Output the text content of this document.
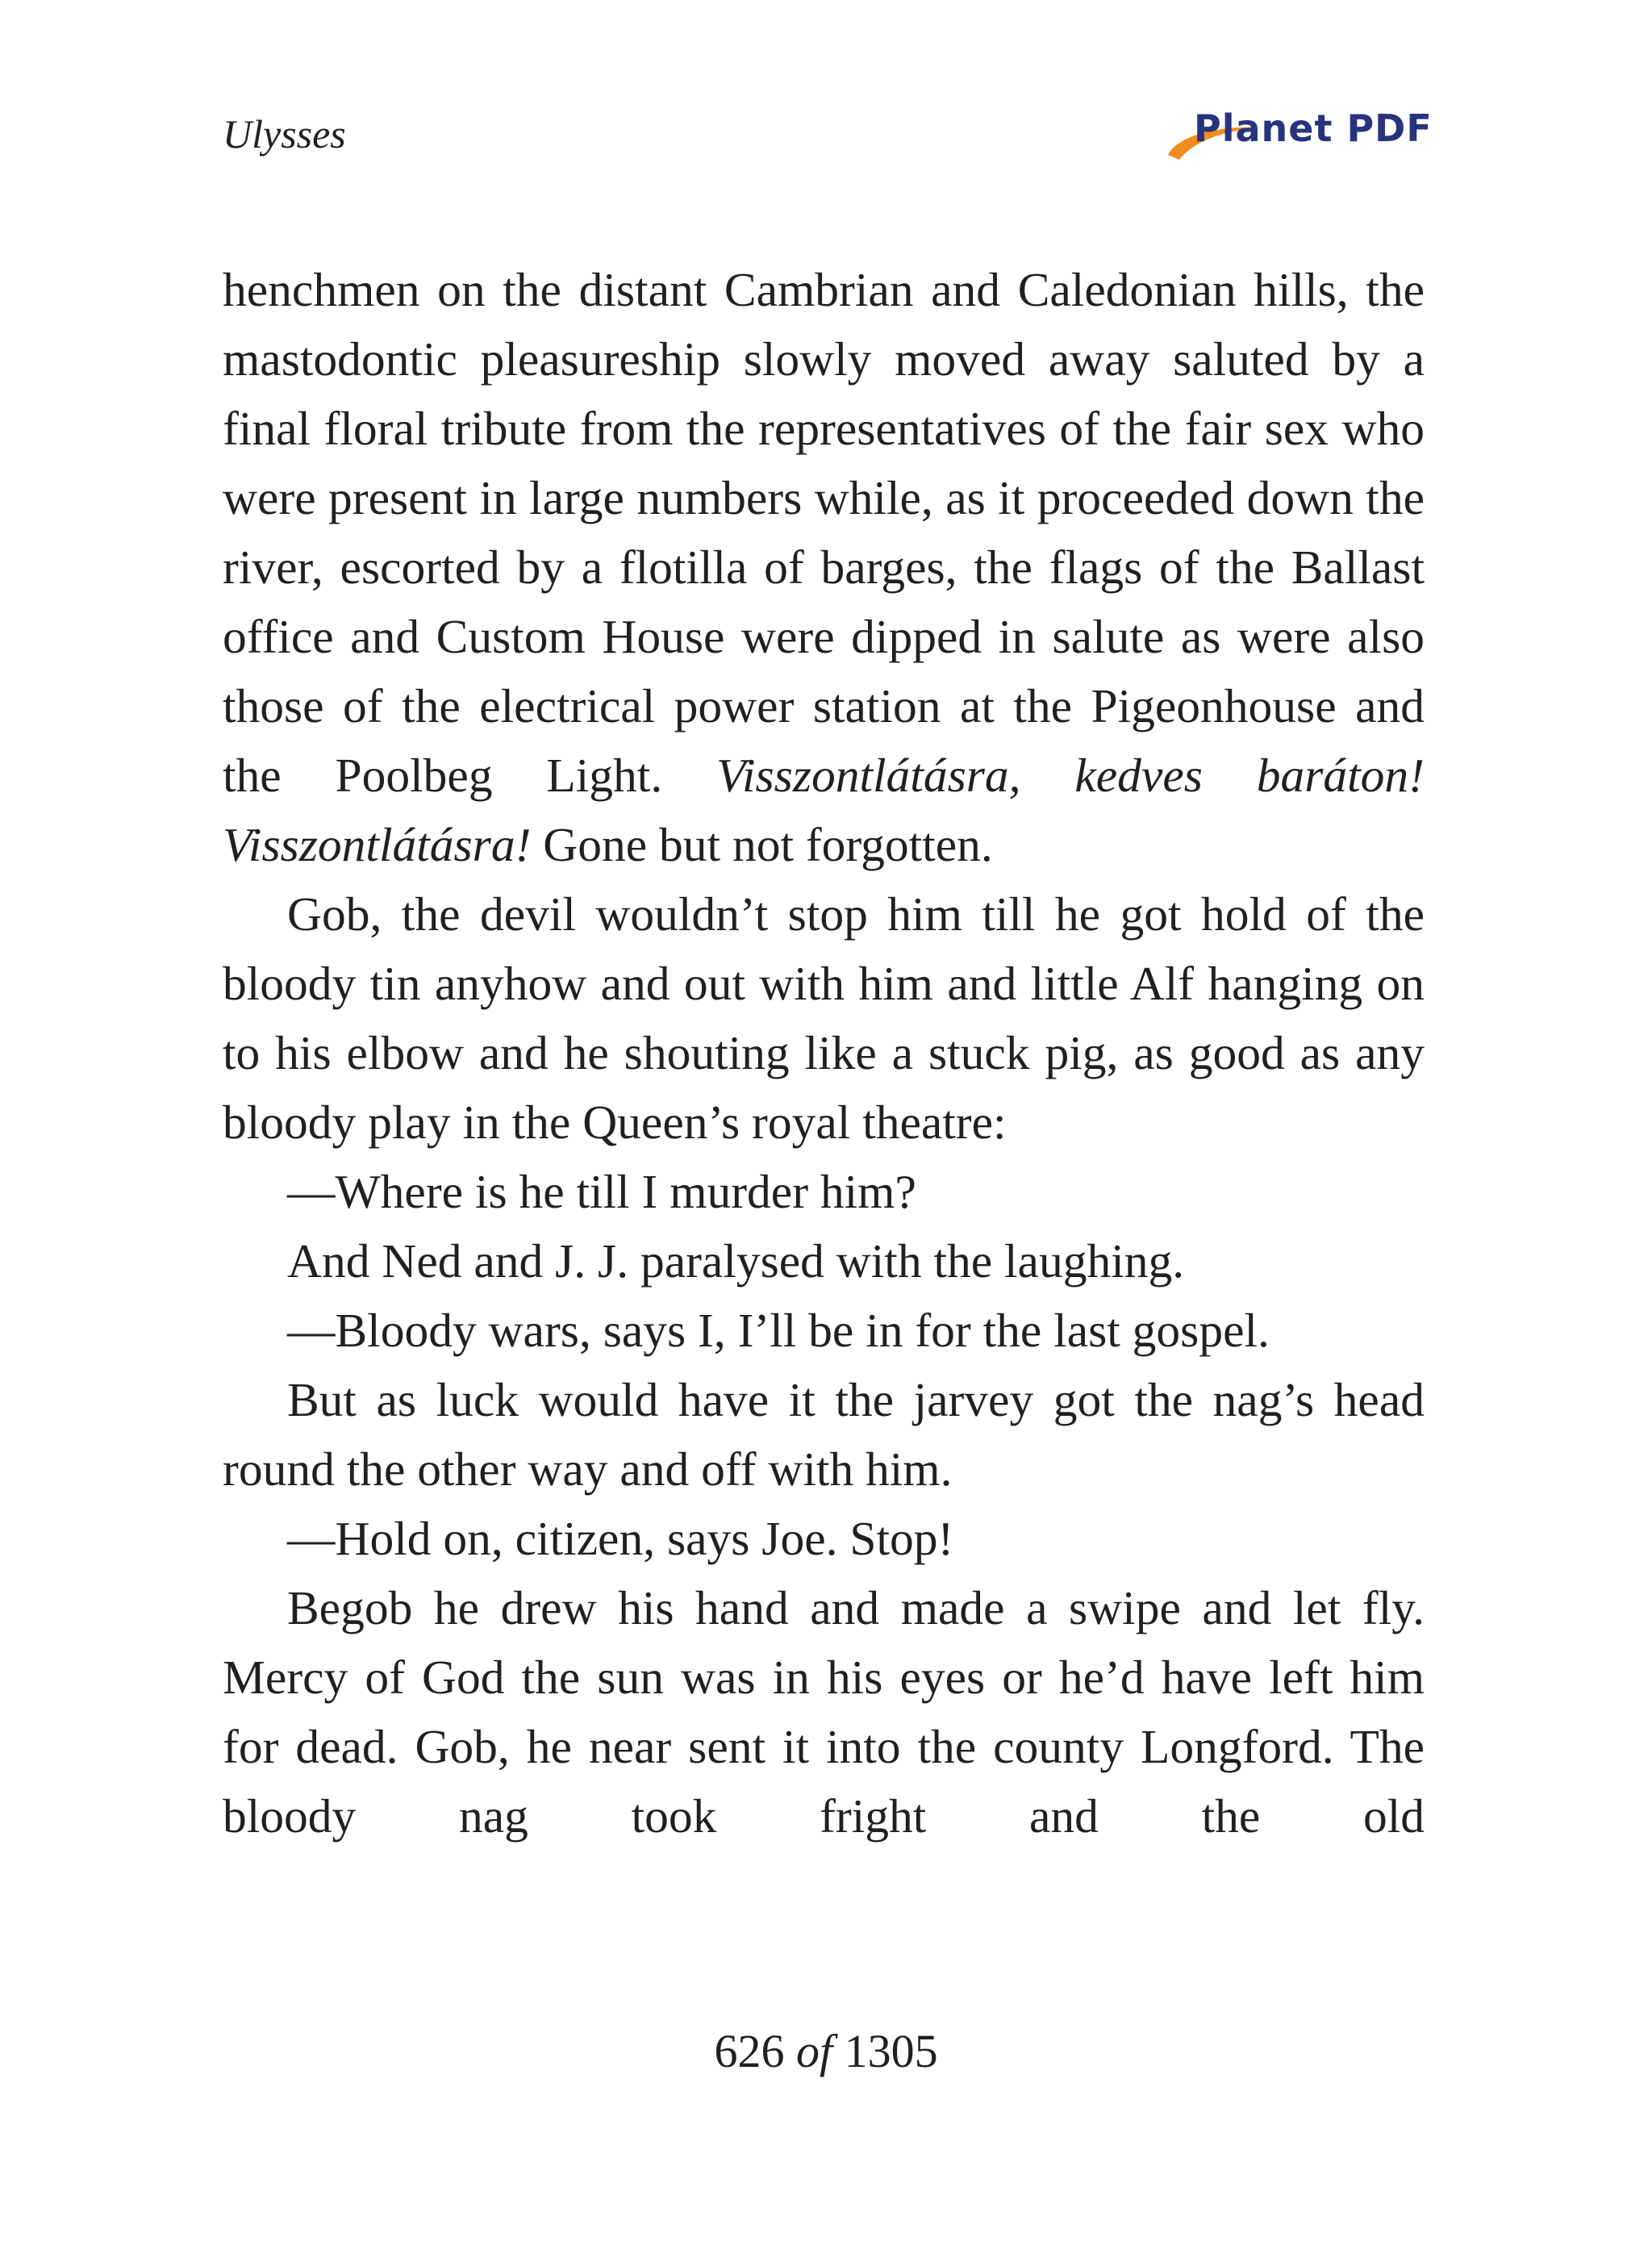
Ulysses	Planet PDF

henchmen on the distant Cambrian and Caledonian hills, the mastodontic pleasureship slowly moved away saluted by a final floral tribute from the representatives of the fair sex who were present in large numbers while, as it proceeded down the river, escorted by a flotilla of barges, the flags of the Ballast office and Custom House were dipped in salute as were also those of the electrical power station at the Pigeonhouse and the Poolbeg Light. Visszontlátásra, kedves baráton! Visszontlátásra! Gone but not forgotten.

Gob, the devil wouldn’t stop him till he got hold of the bloody tin anyhow and out with him and little Alf hanging on to his elbow and he shouting like a stuck pig, as good as any bloody play in the Queen’s royal theatre:

—Where is he till I murder him?

And Ned and J. J. paralysed with the laughing.

—Bloody wars, says I, I’ll be in for the last gospel.

But as luck would have it the jarvey got the nag’s head round the other way and off with him.

—Hold on, citizen, says Joe. Stop!

Begob he drew his hand and made a swipe and let fly. Mercy of God the sun was in his eyes or he’d have left him for dead. Gob, he near sent it into the county Longford. The bloody nag took fright and the old

626 of 1305
